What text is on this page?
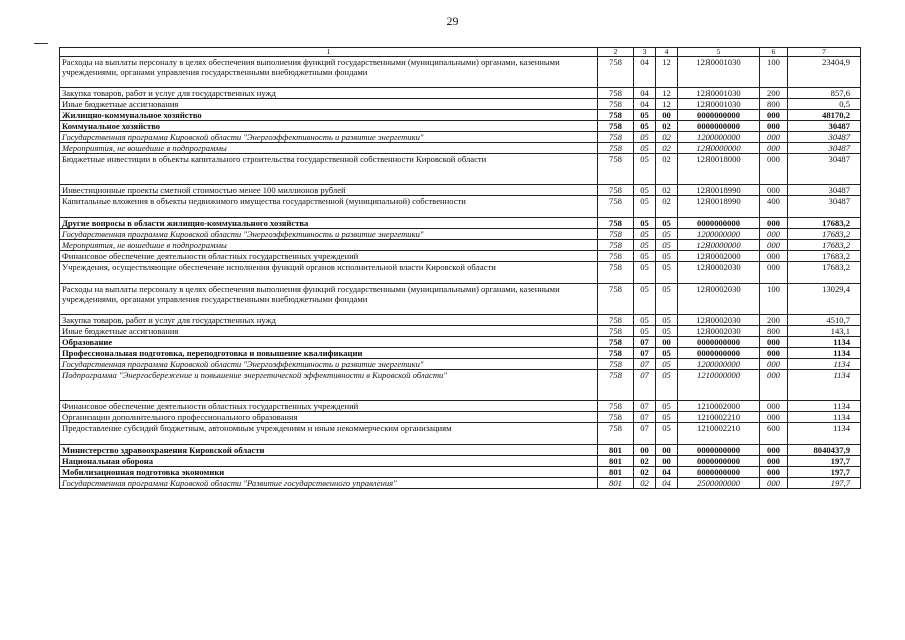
29
1	2	3	4	5	6	7
Расходы на выплаты персоналу в целях обеспечения выполнения функций государственными (муниципальными) органами, казенными учреждениями, органами управления государственными внебюджетными фондами	758	04	12	12Я0001030	100	23404,9
Закупка товаров, работ и услуг для государственных нужд	758	04	12	12Я0001030	200	857,6
Иные бюджетные ассигнования	758	04	12	12Я0001030	800	0,5
Жилищно-коммунальное хозяйство	758	05	00	0000000000	000	48170,2
Коммунальное хозяйство	758	05	02	0000000000	000	30487
Государственная программа Кировской области "Энергоэффективность и развитие энергетики"	758	05	02	1200000000	000	30487
Мероприятия, не вошедшие в подпрограммы	758	05	02	12Я0000000	000	30487
Бюджетные инвестиции в объекты капитального строительства государственной собственности Кировской области	758	05	02	12Я0018000	000	30487
Инвестиционные проекты сметной стоимостью менее 100 миллионов рублей	758	05	02	12Я0018990	000	30487
Капитальные вложения в объекты недвижимого имущества государственной (муниципальной) собственности	758	05	02	12Я0018990	400	30487
Другие вопросы в области жилищно-коммунального хозяйства	758	05	05	0000000000	000	17683,2
Государственная программа Кировской области "Энергоэффективность и развитие энергетики"	758	05	05	1200000000	000	17683,2
Мероприятия, не вошедшие в подпрограммы	758	05	05	12Я0000000	000	17683,2
Финансовое обеспечение деятельности областных государственных учреждений	758	05	05	12Я0002000	000	17683,2
Учреждения, осуществляющие обеспечение исполнения функций органов исполнительной власти Кировской области	758	05	05	12Я0002030	000	17683,2
Расходы на выплаты персоналу в целях обеспечения выполнения функций государственными (муниципальными) органами, казенными учреждениями, органами управления государственными внебюджетными фондами	758	05	05	12Я0002030	100	13029,4
Закупка товаров, работ и услуг для государственных нужд	758	05	05	12Я0002030	200	4510,7
Иные бюджетные ассигнования	758	05	05	12Я0002030	800	143,1
Образование	758	07	00	0000000000	000	1134
Профессиональная подготовка, переподготовка и повышение квалификации	758	07	05	0000000000	000	1134
Государственная программа Кировской области "Энергоэффективность и развитие энергетики"	758	07	05	1200000000	000	1134
Подпрограмма "Энергосбережение и повышение энергетической эффективности в Кировской области"	758	07	05	1210000000	000	1134
Финансовое обеспечение деятельности областных государственных учреждений	758	07	05	1210002000	000	1134
Организации дополнительного профессионального образования	758	07	05	1210002210	000	1134
Предоставление субсидий бюджетным, автономным учреждениям и иным некоммерческим организациям	758	07	05	1210002210	600	1134
Министерство здравоохранения Кировской области	801	00	00	0000000000	000	8040437,9
Национальная оборона	801	02	00	0000000000	000	197,7
Мобилизационная подготовка экономики	801	02	04	0000000000	000	197,7
Государственная программа Кировской области "Развитие государственного управления"	801	02	04	2500000000	000	197,7
